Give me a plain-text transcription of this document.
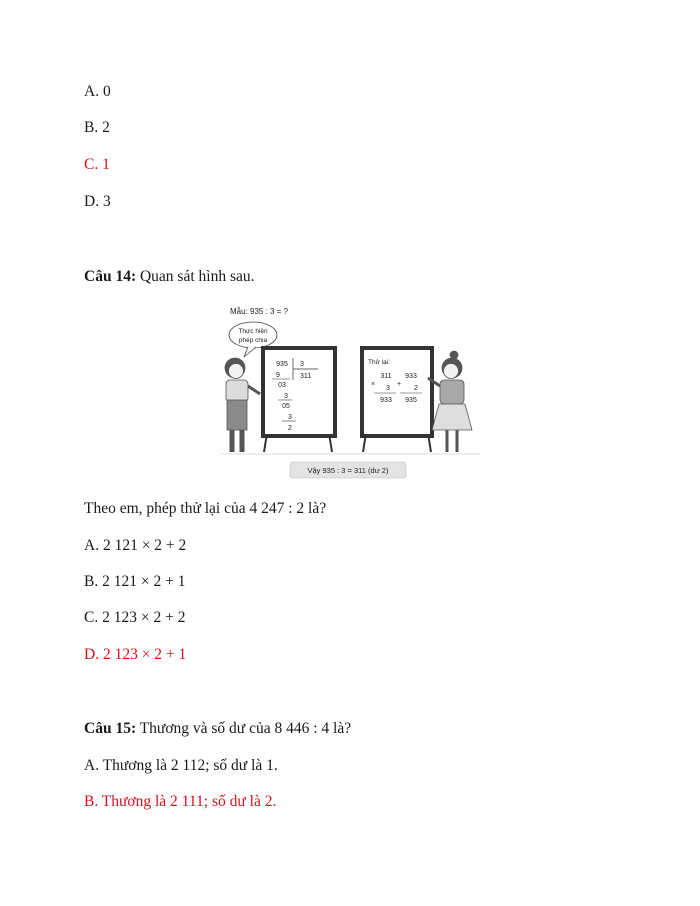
A. 0
B. 2
C. 1
D. 3
Câu 14: Quan sát hình sau.
Mẫu: 935 : 3 = ?
Thực hiện
phép chia
935 3
311
9
03
3
05
3
2
Thử lại:
311
×
3
933
933
+
2
935
Vậy 935 : 3 = 311 (dư 2)
Theo em, phép thử lại của 4 247 : 2 là?
A. 2 121 × 2 + 2
B. 2 121 × 2 + 1
C. 2 123 × 2 + 2
D. 2 123 × 2 + 1
Câu 15: Thương và số dư của 8 446 : 4 là?
A. Thương là 2 112; số dư là 1.
B. Thương là 2 111; số dư là 2.
